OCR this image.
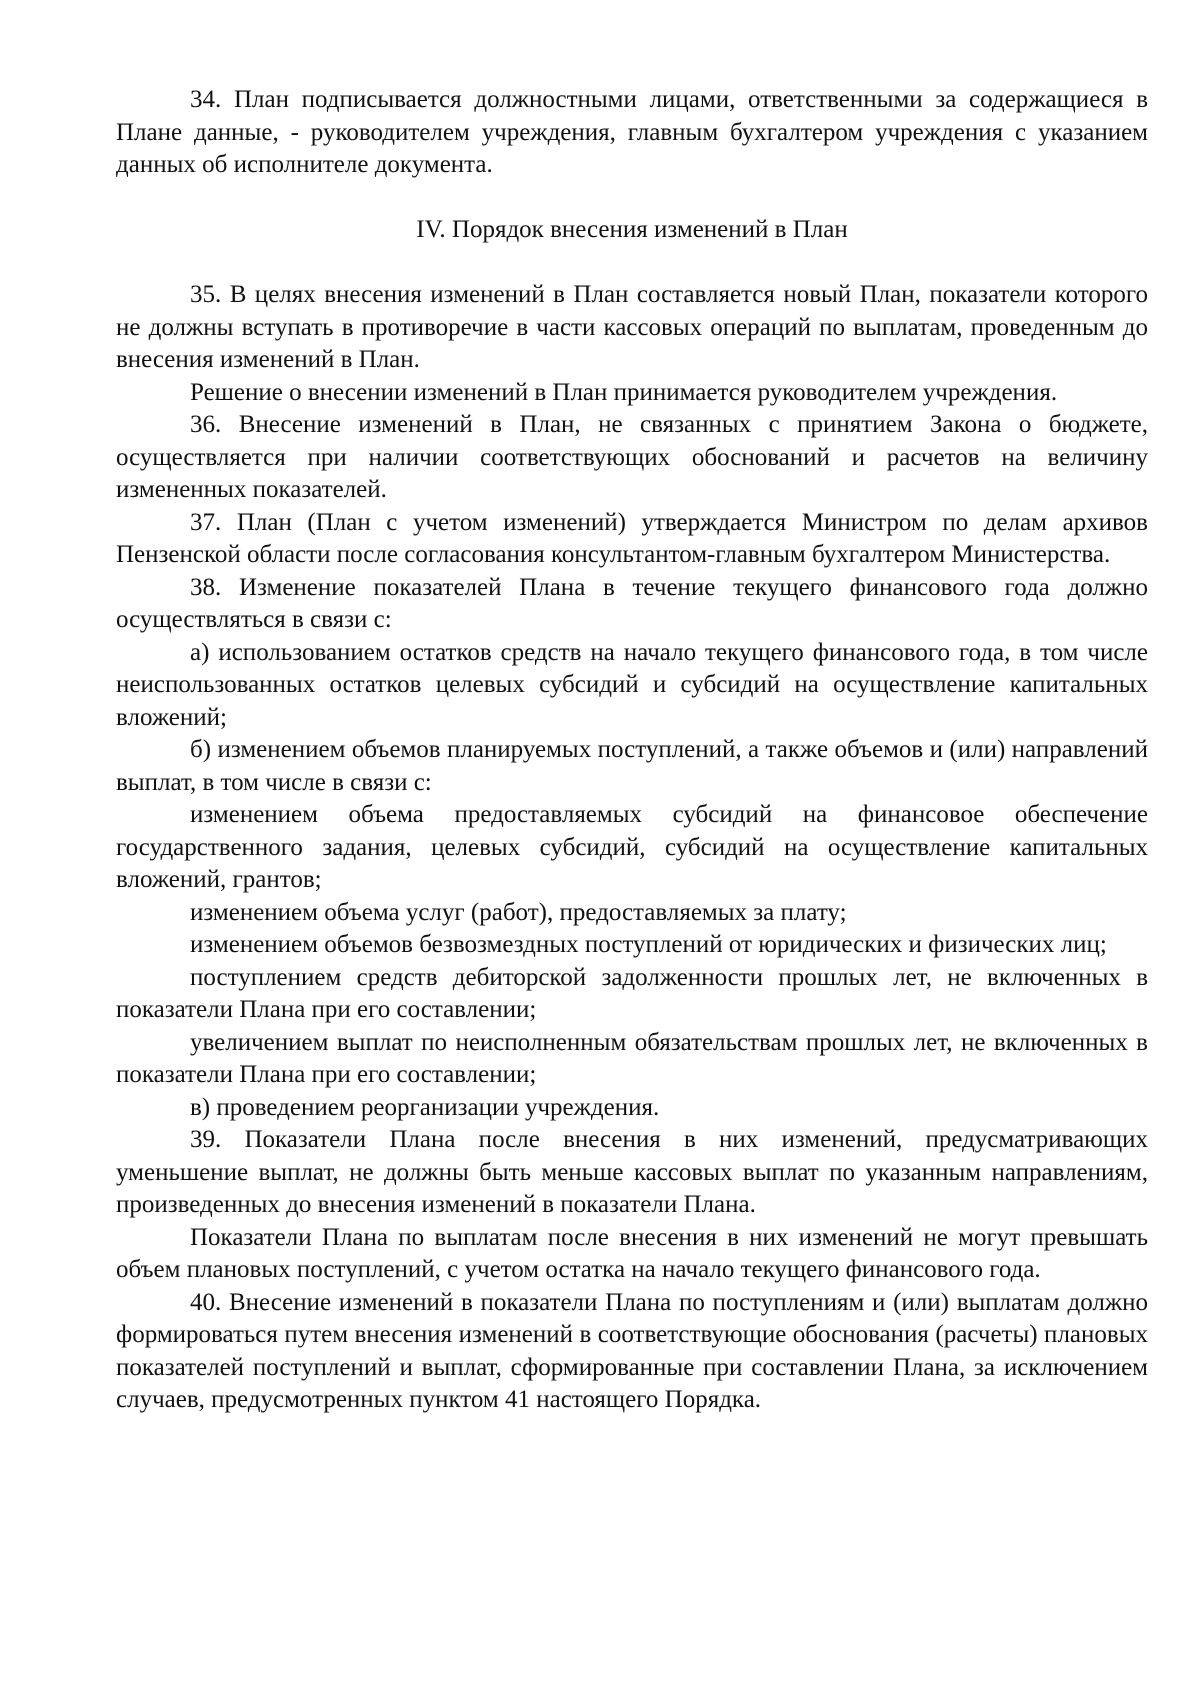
34. План подписывается должностными лицами, ответственными за содержащиеся в Плане данные, - руководителем учреждения, главным бухгалтером учреждения с указанием данных об исполнителе документа.

IV. Порядок внесения изменений в План

35. В целях внесения изменений в План составляется новый План, показатели которого не должны вступать в противоречие в части кассовых операций по выплатам, проведенным до внесения изменений в План.

Решение о внесении изменений в План принимается руководителем учреждения.

36. Внесение изменений в План, не связанных с принятием Закона о бюджете, осуществляется при наличии соответствующих обоснований и расчетов на величину измененных показателей.

37. План (План с учетом изменений) утверждается Министром по делам архивов Пензенской области после согласования консультантом-главным бухгалтером Министерства.

38. Изменение показателей Плана в течение текущего финансового года должно осуществляться в связи с:

а) использованием остатков средств на начало текущего финансового года, в том числе неиспользованных остатков целевых субсидий и субсидий на осуществление капитальных вложений;

б) изменением объемов планируемых поступлений, а также объемов и (или) направлений выплат, в том числе в связи с:

изменением объема предоставляемых субсидий на финансовое обеспечение государственного задания, целевых субсидий, субсидий на осуществление капитальных вложений, грантов;

изменением объема услуг (работ), предоставляемых за плату;

изменением объемов безвозмездных поступлений от юридических и физических лиц;

поступлением средств дебиторской задолженности прошлых лет, не включенных в показатели Плана при его составлении;

увеличением выплат по неисполненным обязательствам прошлых лет, не включенных в показатели Плана при его составлении;

в) проведением реорганизации учреждения.

39. Показатели Плана после внесения в них изменений, предусматривающих уменьшение выплат, не должны быть меньше кассовых выплат по указанным направлениям, произведенных до внесения изменений в показатели Плана.

Показатели Плана по выплатам после внесения в них изменений не могут превышать объем плановых поступлений, с учетом остатка на начало текущего финансового года.

40. Внесение изменений в показатели Плана по поступлениям и (или) выплатам должно формироваться путем внесения изменений в соответствующие обоснования (расчеты) плановых показателей поступлений и выплат, сформированные при составлении Плана, за исключением случаев, предусмотренных пунктом 41 настоящего Порядка.
